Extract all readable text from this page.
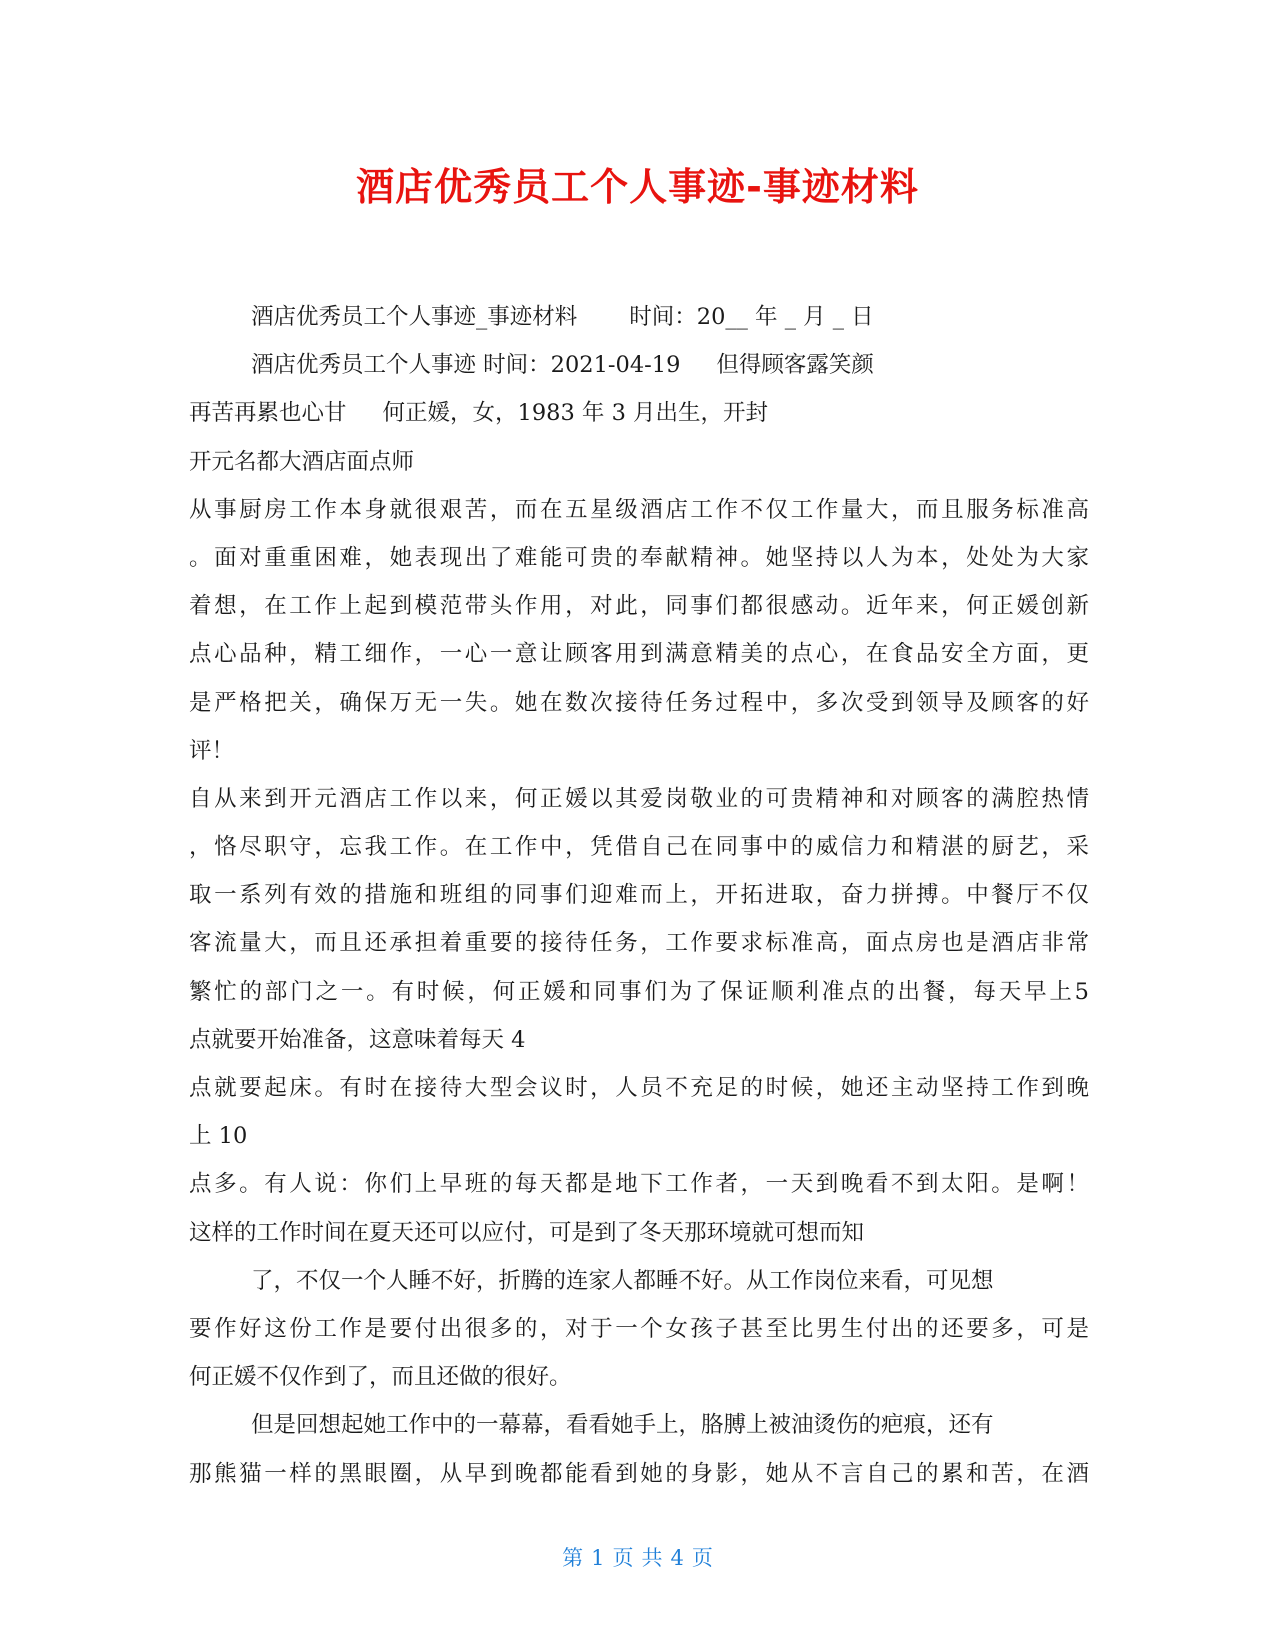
酒店优秀员工个人事迹-事迹材料

酒店优秀员工个人事迹_事迹材料 时间：20__ 年 _ 月 _ 日

酒店优秀员工个人事迹 时间：2021-04-19 但得顾客露笑颜

再苦再累也心甘 何正媛，女，1983 年 3 月出生，开封

开元名都大酒店面点师

从事厨房工作本身就很艰苦，而在五星级酒店工作不仅工作量大，而且服务标准高

。面对重重困难，她表现出了难能可贵的奉献精神。她坚持以人为本，处处为大家

着想，在工作上起到模范带头作用，对此，同事们都很感动。近年来，何正媛创新

点心品种，精工细作，一心一意让顾客用到满意精美的点心，在食品安全方面，更

是严格把关，确保万无一失。她在数次接待任务过程中，多次受到领导及顾客的好

评！

自从来到开元酒店工作以来，何正媛以其爱岗敬业的可贵精神和对顾客的满腔热情

，恪尽职守，忘我工作。在工作中，凭借自己在同事中的威信力和精湛的厨艺，采

取一系列有效的措施和班组的同事们迎难而上，开拓进取，奋力拼搏。中餐厅不仅

客流量大，而且还承担着重要的接待任务，工作要求标准高，面点房也是酒店非常

繁忙的部门之一。有时候，何正媛和同事们为了保证顺利准点的出餐，每天早上5

点就要开始准备，这意味着每天 4

点就要起床。有时在接待大型会议时，人员不充足的时候，她还主动坚持工作到晚

上 10

点多。有人说：你们上早班的每天都是地下工作者，一天到晚看不到太阳。是啊！

这样的工作时间在夏天还可以应付，可是到了冬天那环境就可想而知

了，不仅一个人睡不好，折腾的连家人都睡不好。从工作岗位来看，可见想

要作好这份工作是要付出很多的，对于一个女孩子甚至比男生付出的还要多，可是

何正媛不仅作到了，而且还做的很好。

但是回想起她工作中的一幕幕，看看她手上，胳膊上被油烫伤的疤痕，还有

那熊猫一样的黑眼圈，从早到晚都能看到她的身影，她从不言自己的累和苦，在酒

第 1 页 共 4 页
